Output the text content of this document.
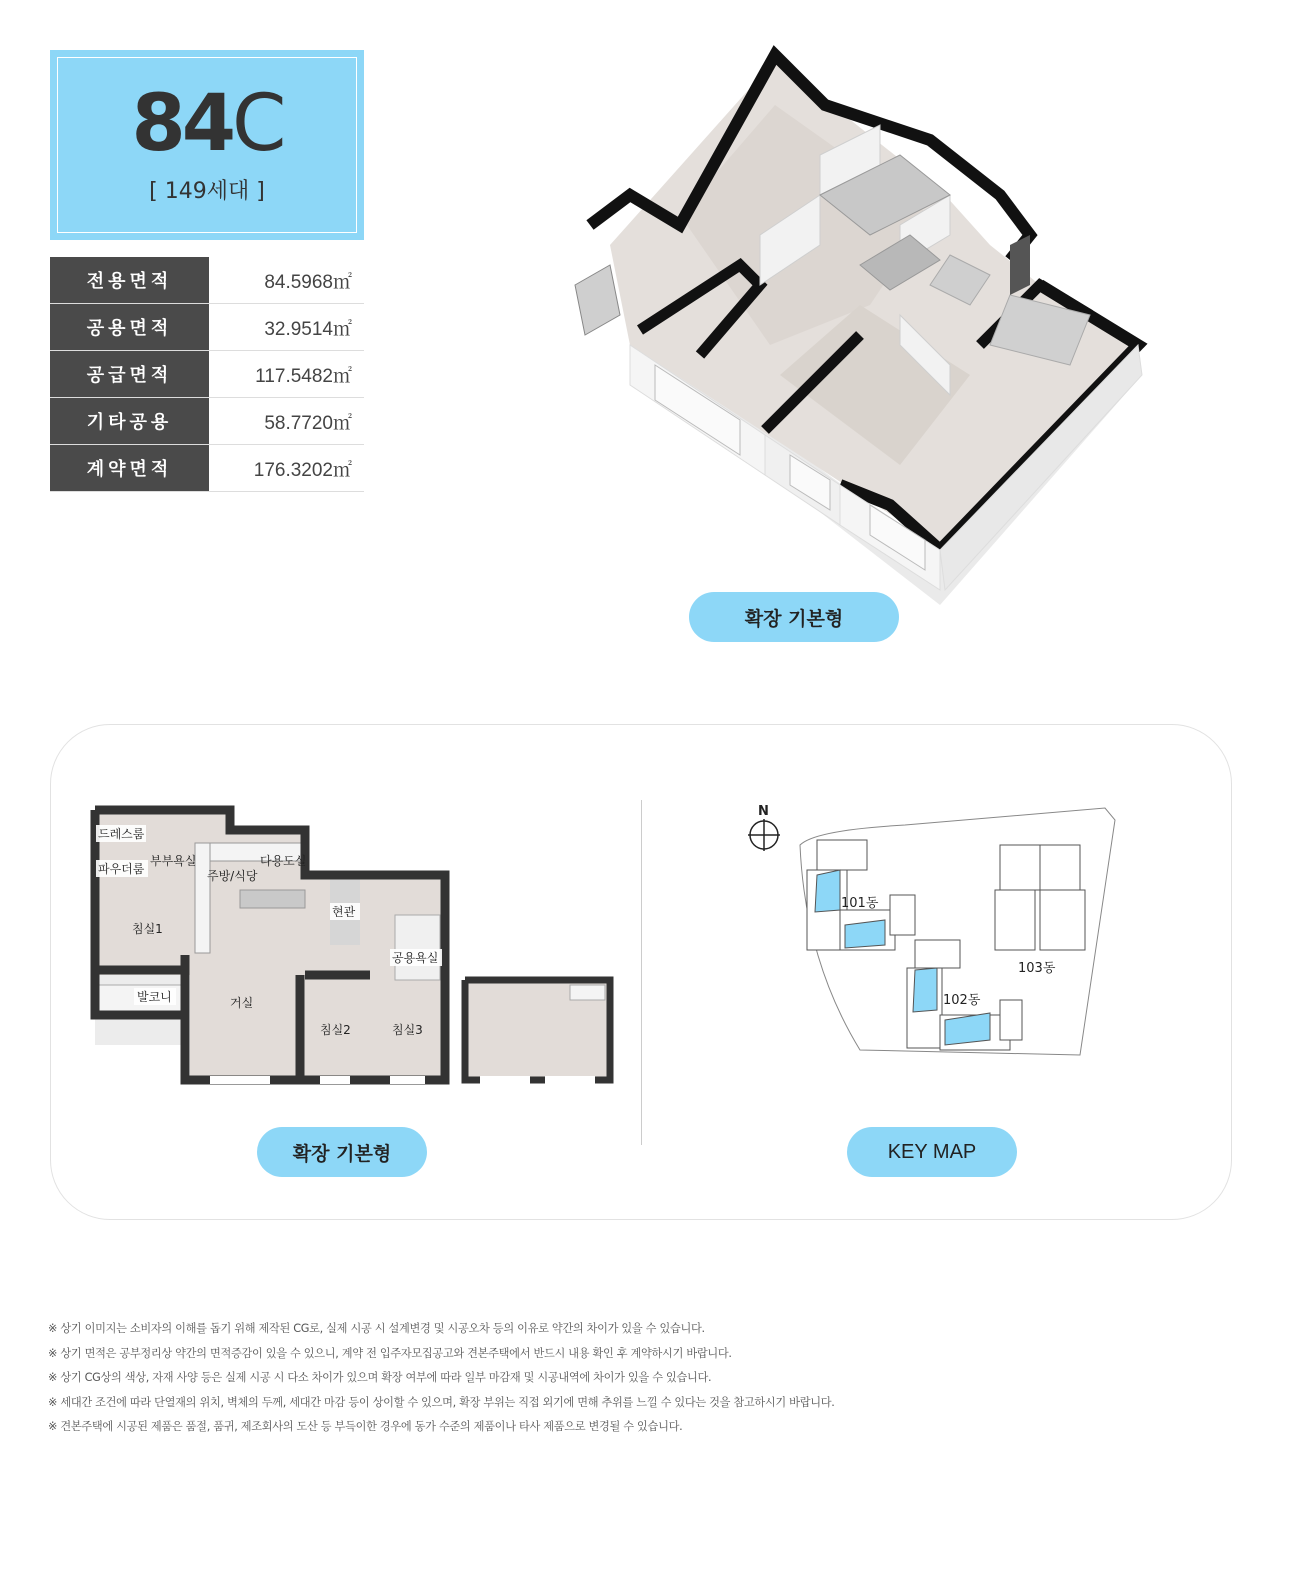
84C
[ 149세대 ]
전용면적	84.5968㎡
공용면적	32.9514㎡
공급면적	117.5482㎡
기타공용	58.7720㎡
계약면적	176.3202㎡
확장 기본형
드레스룸
파우더룸
부부욕실
주방/식당
다용도실
현관
침실1
공용욕실
발코니	거실
침실2	침실3
확장 기본형
N
101동
102동
103동
KEY MAP
※ 상기 이미지는 소비자의 이해를 돕기 위해 제작된 CG로, 실제 시공 시 설계변경 및 시공오차 등의 이유로 약간의 차이가 있을 수 있습니다.
※ 상기 면적은 공부정리상 약간의 면적증감이 있을 수 있으니, 계약 전 입주자모집공고와 견본주택에서 반드시 내용 확인 후 계약하시기 바랍니다.
※ 상기 CG상의 색상, 자재 사양 등은 실제 시공 시 다소 차이가 있으며 확장 여부에 따라 일부 마감재 및 시공내역에 차이가 있을 수 있습니다.
※ 세대간 조건에 따라 단열재의 위치, 벽체의 두께, 세대간 마감 등이 상이할 수 있으며, 확장 부위는 직접 외기에 면해 추위를 느낄 수 있다는 것을 참고하시기 바랍니다.
※ 견본주택에 시공된 제품은 품절, 품귀, 제조회사의 도산 등 부득이한 경우에 동가 수준의 제품이나 타사 제품으로 변경될 수 있습니다.
